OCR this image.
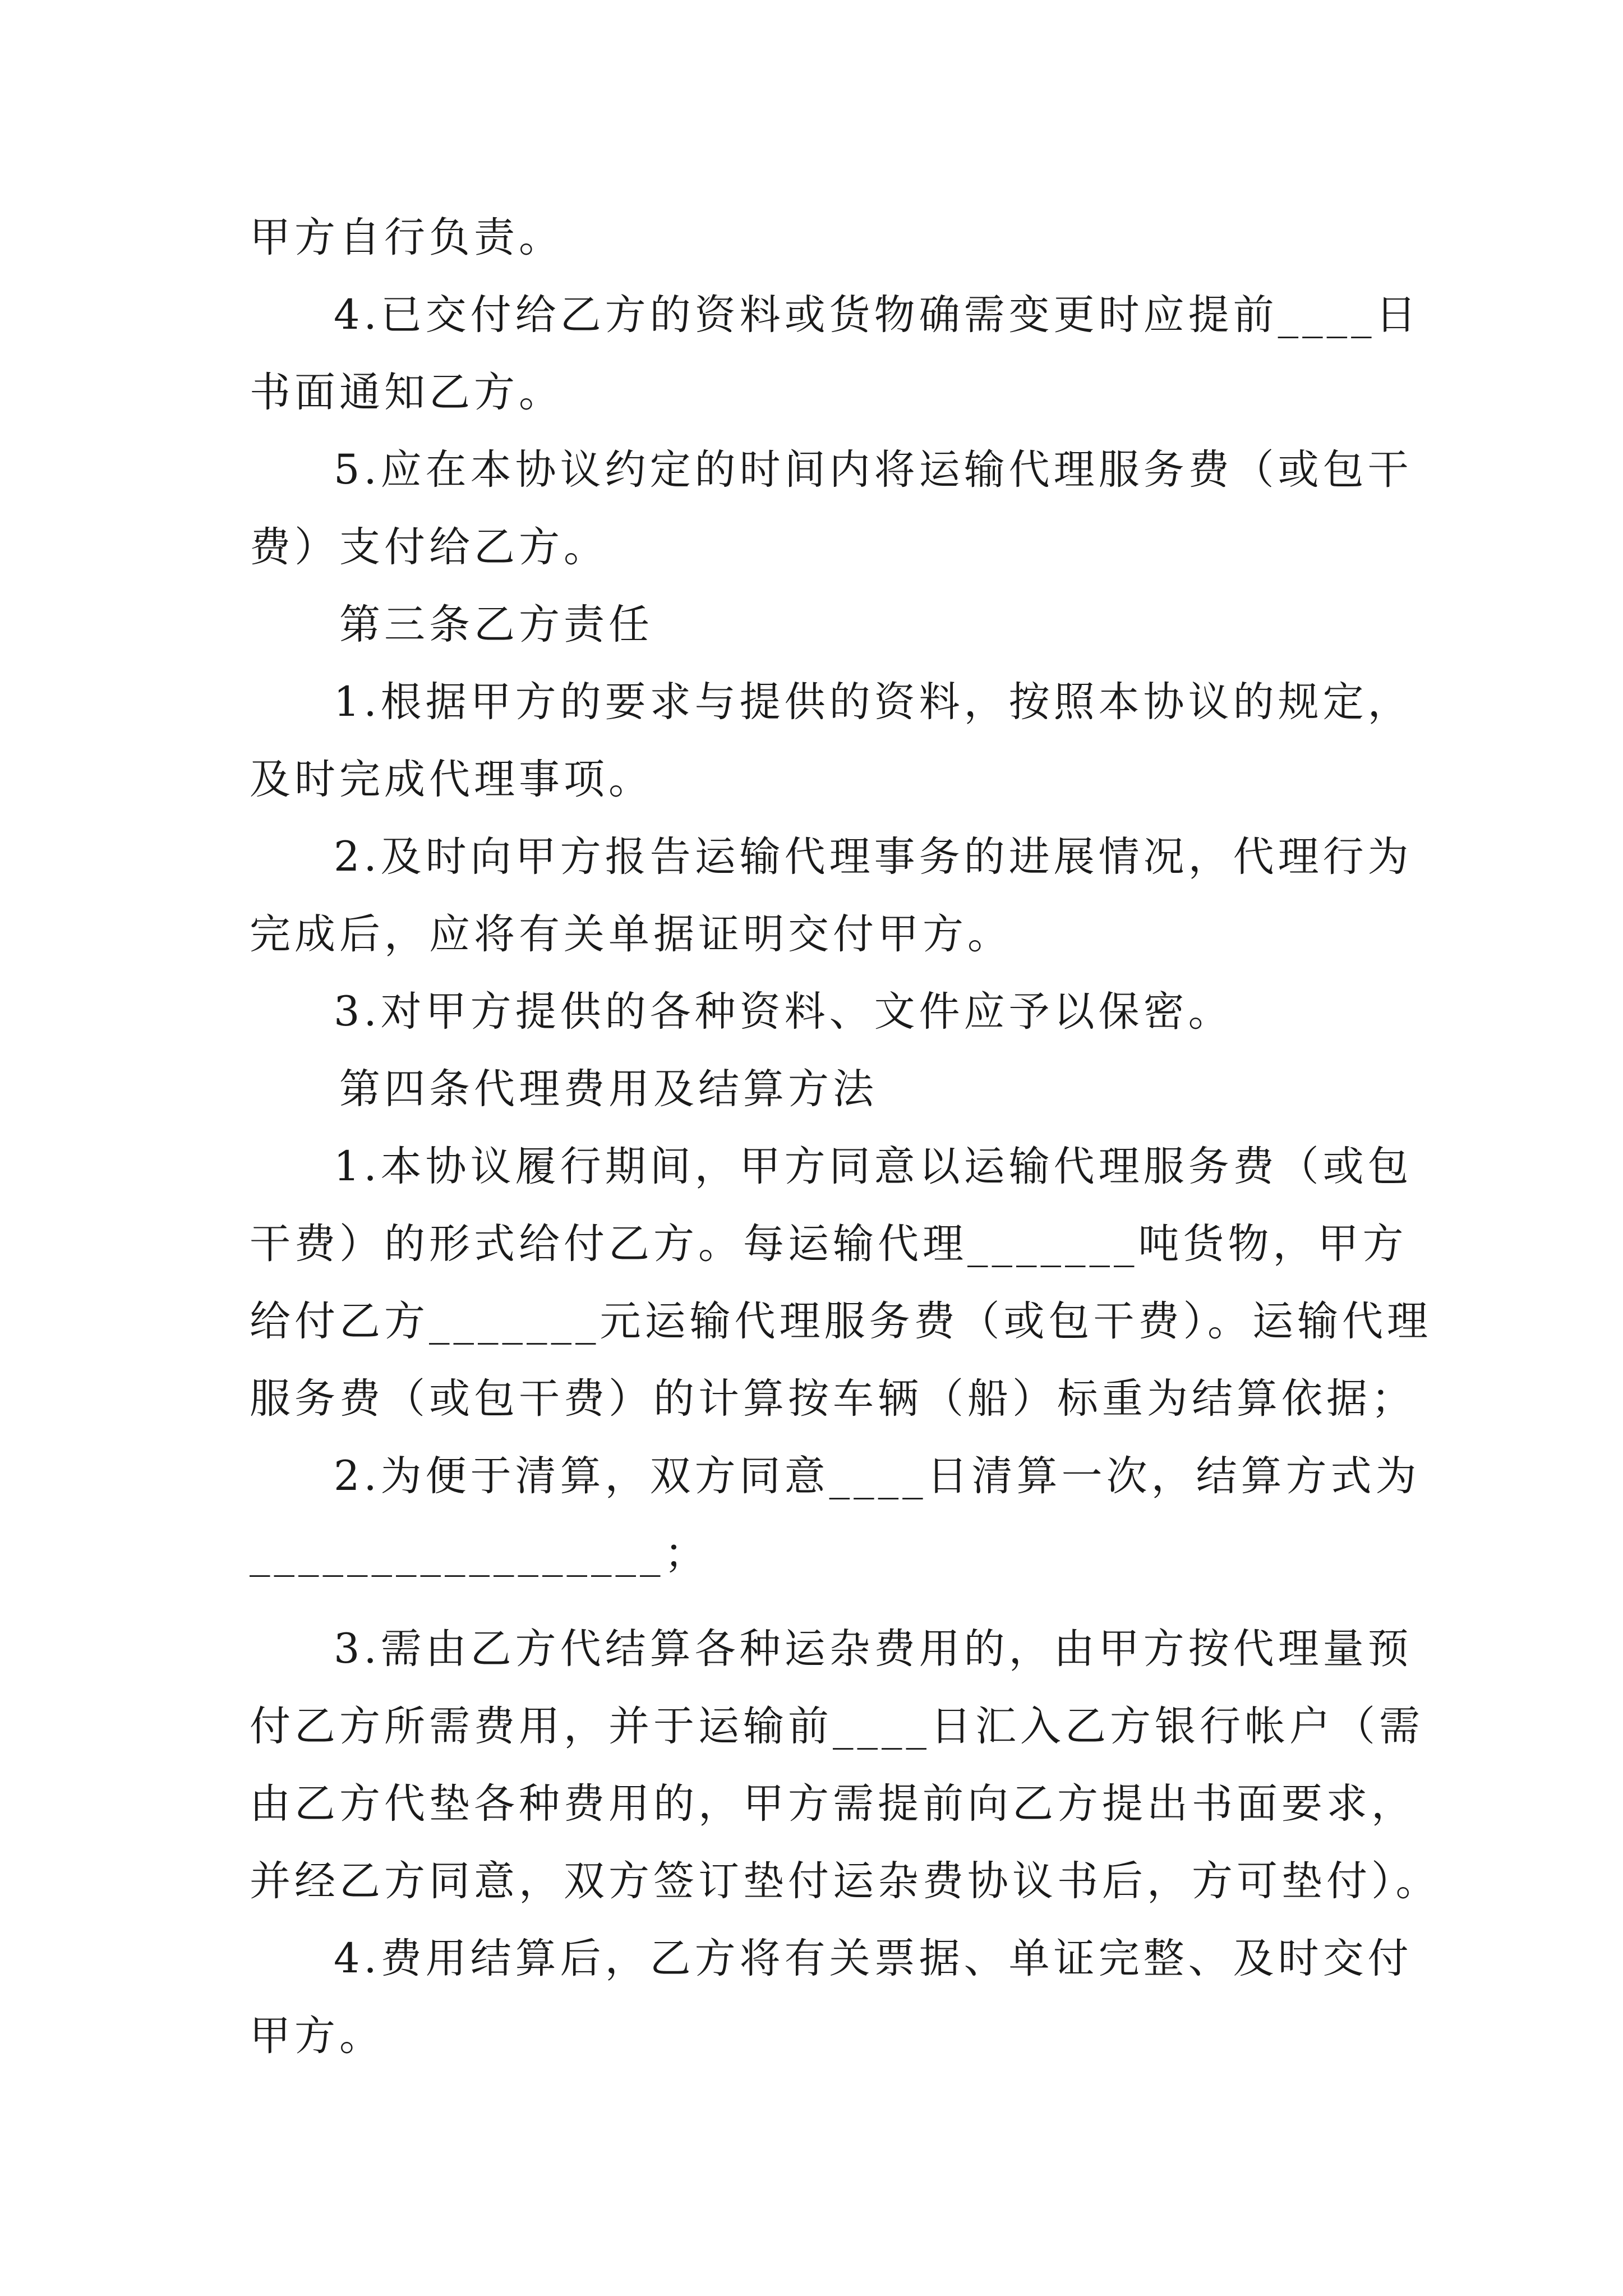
甲方自行负责。
4.已交付给乙方的资料或货物确需变更时应提前____日
书面通知乙方。
5.应在本协议约定的时间内将运输代理服务费（或包干
费）支付给乙方。
第三条乙方责任
1.根据甲方的要求与提供的资料，按照本协议的规定，
及时完成代理事项。
2.及时向甲方报告运输代理事务的进展情况，代理行为
完成后，应将有关单据证明交付甲方。
3.对甲方提供的各种资料、文件应予以保密。
第四条代理费用及结算方法
1.本协议履行期间，甲方同意以运输代理服务费（或包
干费）的形式给付乙方。每运输代理_______吨货物，甲方
给付乙方_______元运输代理服务费（或包干费）。运输代理
服务费（或包干费）的计算按车辆（船）标重为结算依据；
2.为便于清算，双方同意____日清算一次，结算方式为
_________________；
3.需由乙方代结算各种运杂费用的，由甲方按代理量预
付乙方所需费用，并于运输前____日汇入乙方银行帐户（需
由乙方代垫各种费用的，甲方需提前向乙方提出书面要求，
并经乙方同意，双方签订垫付运杂费协议书后，方可垫付）。
4.费用结算后，乙方将有关票据、单证完整、及时交付
甲方。
